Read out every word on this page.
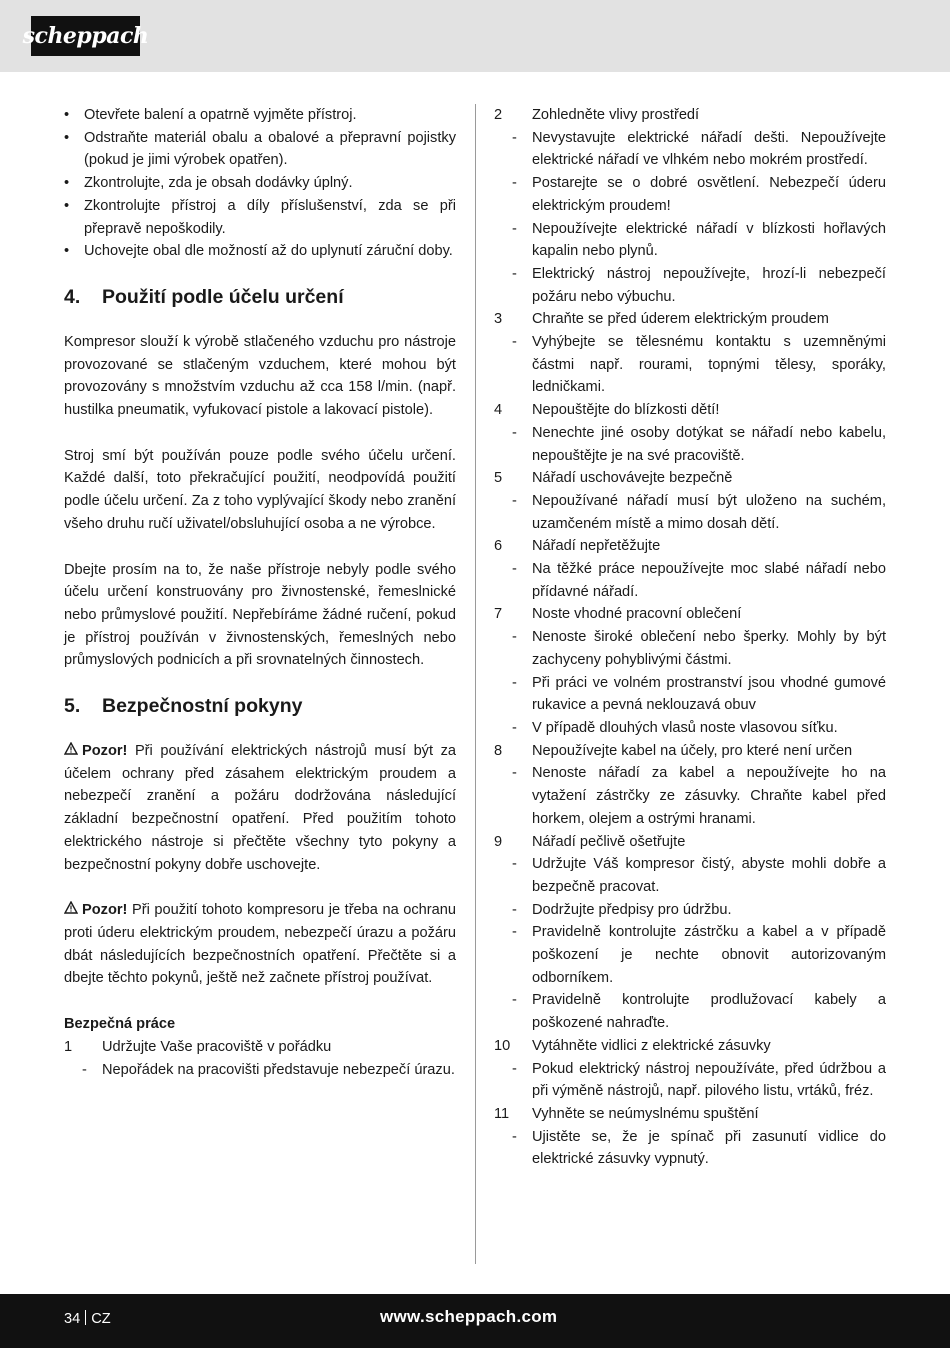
scheppach
• Otevřete balení a opatrně vyjměte přístroj.
• Odstraňte materiál obalu a obalové a přepravní pojistky (pokud je jimi výrobek opatřen).
• Zkontrolujte, zda je obsah dodávky úplný.
• Zkontrolujte přístroj a díly příslušenství, zda se při přepravě nepoškodily.
• Uchovejte obal dle možností až do uplynutí záruční doby.
4.	Použití podle účelu určení

Kompresor slouží k výrobě stlačeného vzduchu pro nástroje provozované se stlačeným vzduchem, které mohou být provozovány s množstvím vzduchu až cca 158 l/min. (např. hustilka pneumatik, vyfukovací pistole a lakovací pistole).

Stroj smí být používán pouze podle svého účelu určení. Každé další, toto překračující použití, neodpovídá použití podle účelu určení. Za z toho vyplývající škody nebo zranění všeho druhu ručí uživatel/obsluhující osoba a ne výrobce.

Dbejte prosím na to, že naše přístroje nebyly podle svého účelu určení konstruovány pro živnostenské, řemeslnické nebo průmyslové použití. Nepřebíráme žádné ručení, pokud je přístroj používán v živnostenských, řemeslných nebo průmyslových podnicích a při srovnatelných činnostech.

5.	Bezpečnostní pokyny

Pozor! Při používání elektrických nástrojů musí být za účelem ochrany před zásahem elektrickým proudem a nebezpečí zranění a požáru dodržována následující základní bezpečnostní opatření. Před použitím tohoto elektrického nástroje si přečtěte všechny tyto pokyny a bezpečnostní pokyny dobře uschovejte.

Pozor! Při použití tohoto kompresoru je třeba na ochranu proti úderu elektrickým proudem, nebezpečí úrazu a požáru dbát následujících bezpečnostních opatření. Přečtěte si a dbejte těchto pokynů, ještě než začnete přístroj používat.

Bezpečná práce

1	Udržujte Vaše pracoviště v pořádku
- Nepořádek na pracovišti představuje nebezpečí úrazu.
2	Zohledněte vlivy prostředí
- Nevystavujte elektrické nářadí dešti. Nepoužívejte elektrické nářadí ve vlhkém nebo mokrém prostředí.
- Postarejte se o dobré osvětlení. Nebezpečí úderu elektrickým proudem!
- Nepoužívejte elektrické nářadí v blízkosti hořlavých kapalin nebo plynů.
- Elektrický nástroj nepoužívejte, hrozí-li nebezpečí požáru nebo výbuchu.
3	Chraňte se před úderem elektrickým proudem
- Vyhýbejte se tělesnému kontaktu s uzemněnými částmi např. rourami, topnými tělesy, sporáky, ledničkami.
4	Nepouštějte do blízkosti dětí!
- Nenechte jiné osoby dotýkat se nářadí nebo kabelu, nepouštějte je na své pracoviště.
5	Nářadí uschovávejte bezpečně
- Nepoužívané nářadí musí být uloženo na suchém, uzamčeném místě a mimo dosah dětí.
6	Nářadí nepřetěžujte
- Na těžké práce nepoužívejte moc slabé nářadí nebo přídavné nářadí.
7	Noste vhodné pracovní oblečení
- Nenoste široké oblečení nebo šperky. Mohly by být zachyceny pohyblivými částmi.
- Při práci ve volném prostranství jsou vhodné gumové rukavice a pevná neklouzavá obuv
- V případě dlouhých vlasů noste vlasovou síťku.
8	Nepoužívejte kabel na účely, pro které není určen
- Nenoste nářadí za kabel a nepoužívejte ho na vytažení zástrčky ze zásuvky. Chraňte kabel před horkem, olejem a ostrými hranami.
9	Nářadí pečlivě ošetřujte
- Udržujte Váš kompresor čistý, abyste mohli dobře a bezpečně pracovat.
- Dodržujte předpisy pro údržbu.
- Pravidelně kontrolujte zástrčku a kabel a v případě poškození je nechte obnovit autorizovaným odborníkem.
- Pravidelně kontrolujte prodlužovací kabely a poškozené nahraďte.
10	Vytáhněte vidlici z elektrické zásuvky
- Pokud elektrický nástroj nepoužíváte, před údržbou a při výměně nástrojů, např. pilového listu, vrtáků, fréz.
11	Vyhněte se neúmyslnému spuštění
- Ujistěte se, že je spínač při zasunutí vidlice do elektrické zásuvky vypnutý.
34 CZ	www.scheppach.com
